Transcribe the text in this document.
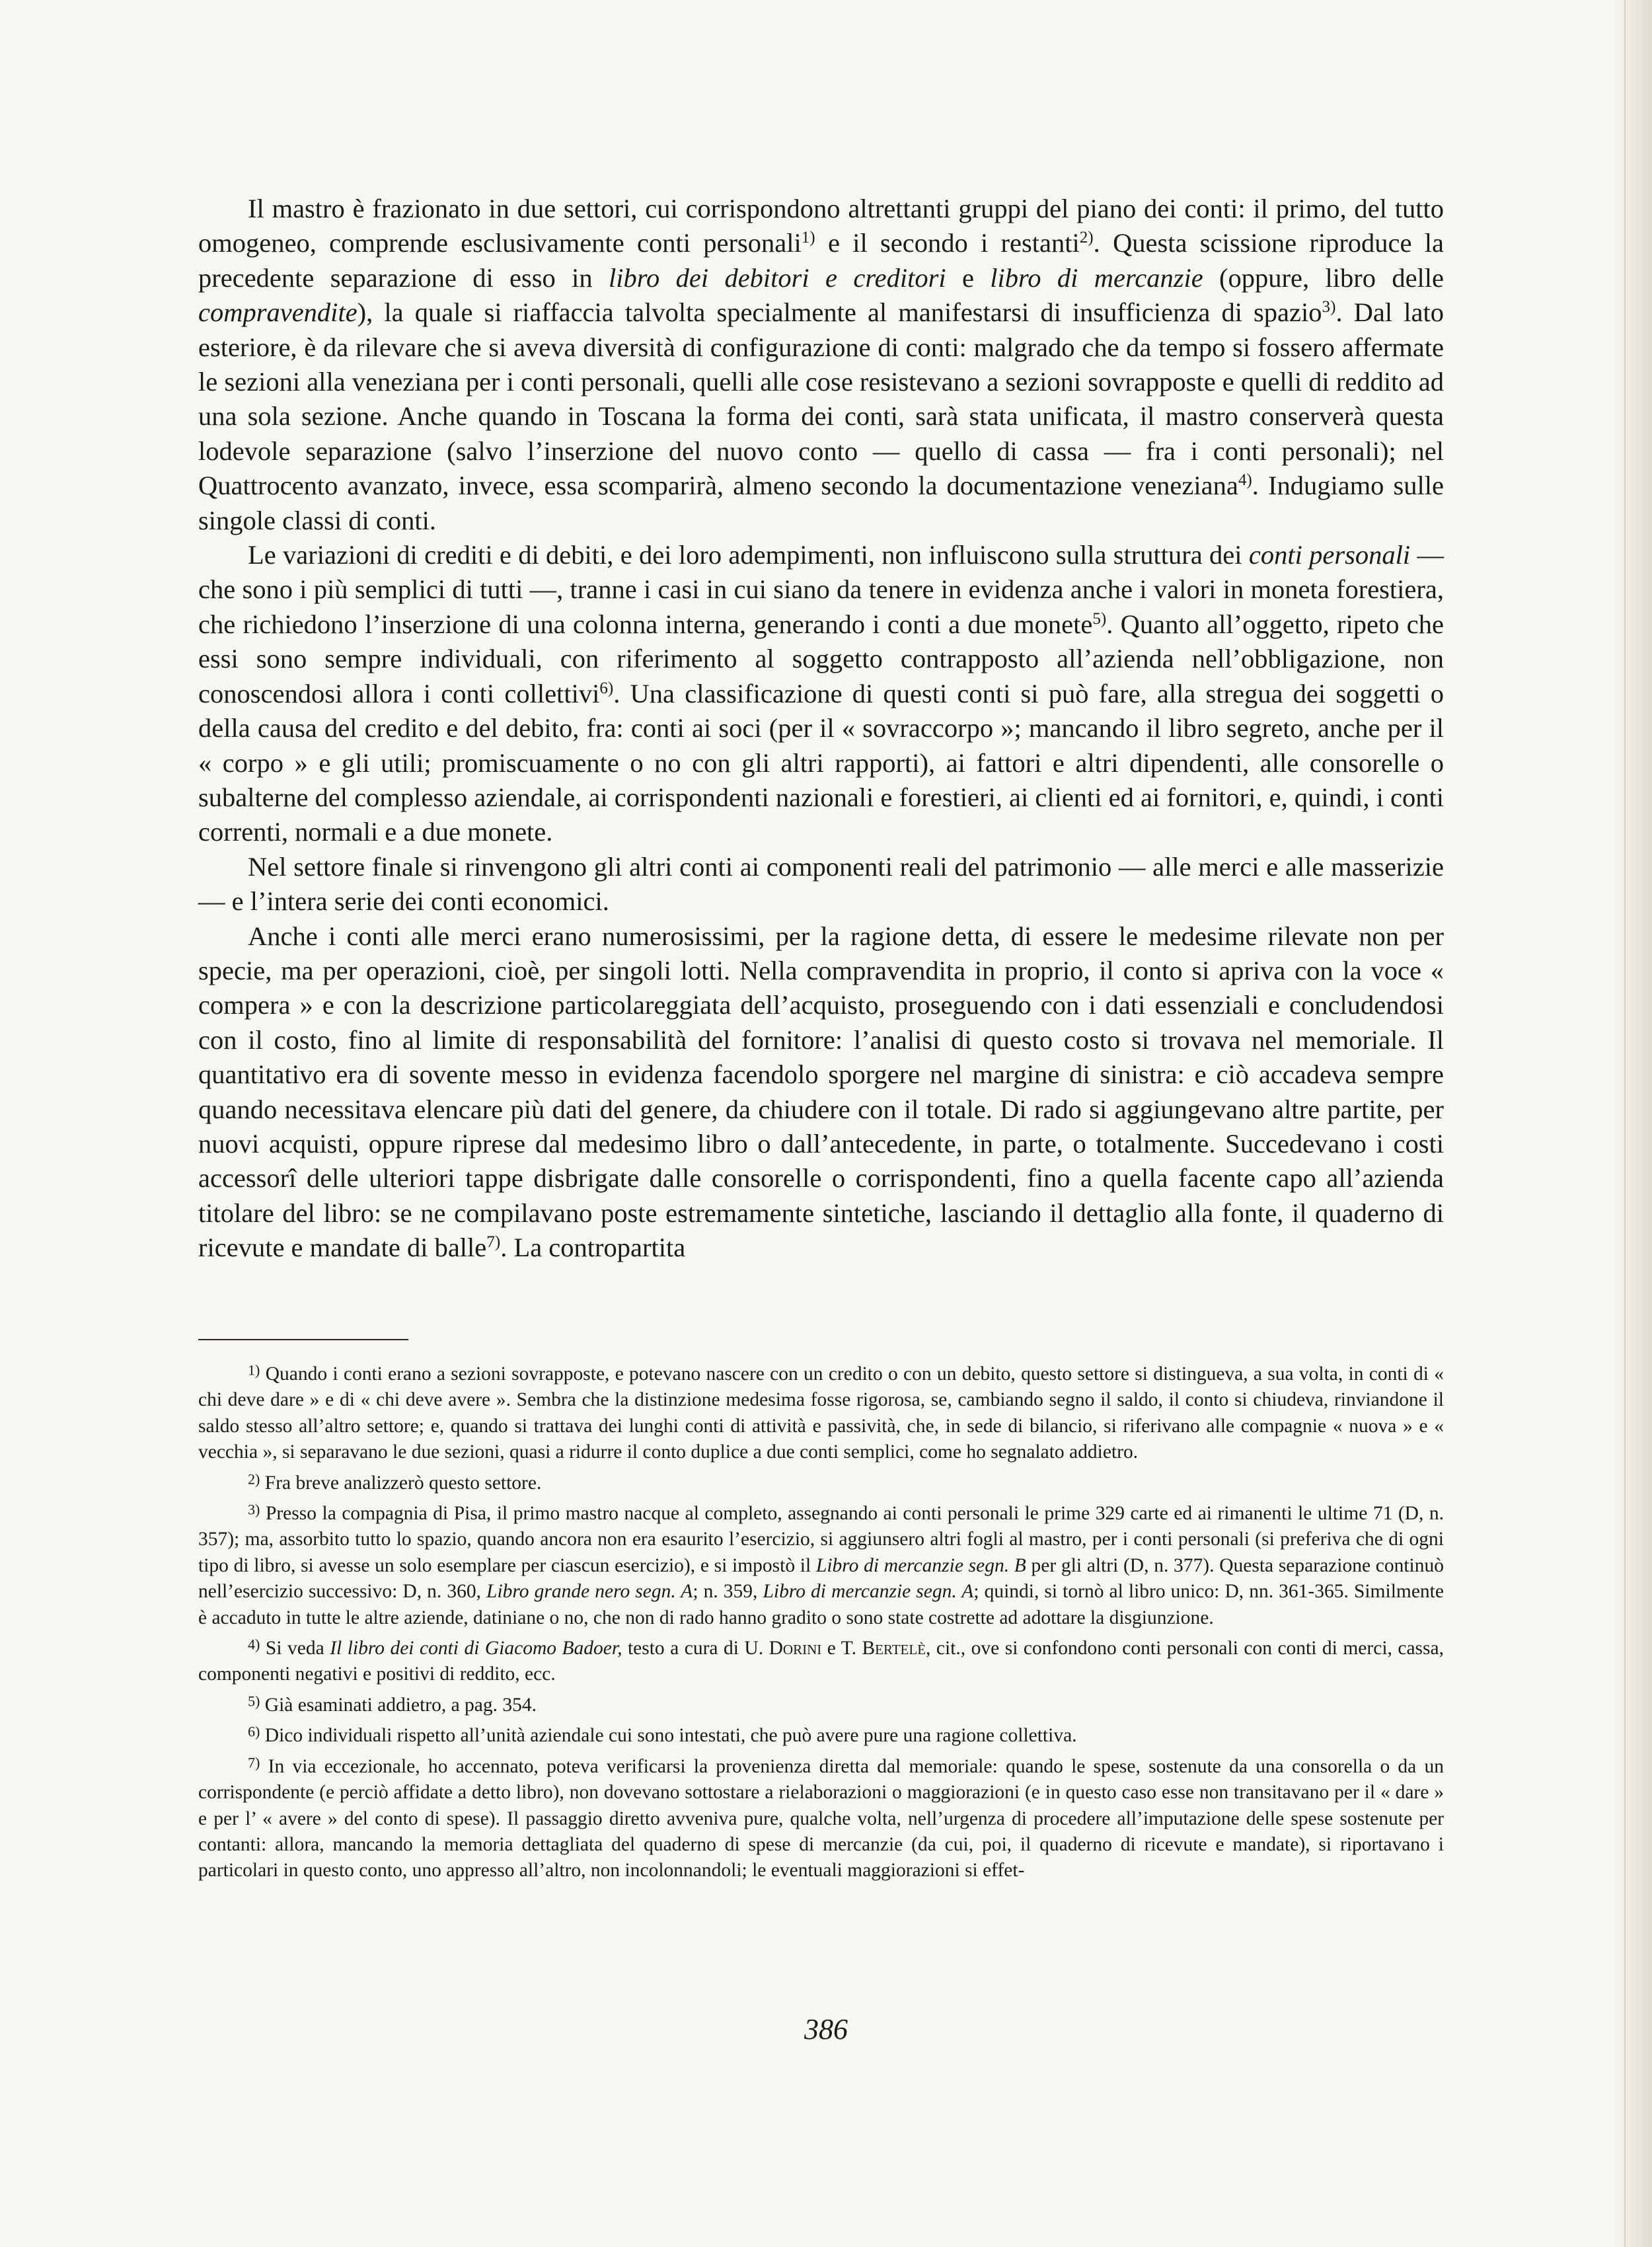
Il mastro è frazionato in due settori, cui corrispondono altrettanti gruppi del piano dei conti: il primo, del tutto omogeneo, comprende esclusivamente conti personali$^{1)}$ e il secondo i restanti$^{2)}$. Questa scissione riproduce la precedente separazione di esso in libro dei debitori e creditori e libro di mercanzie (oppure, libro delle compravendite), la quale si riaffaccia talvolta specialmente al manifestarsi di insufficienza di spazio$^{3)}$. Dal lato esteriore, è da rilevare che si aveva diversità di configurazione di conti: malgrado che da tempo si fossero affermate le sezioni alla veneziana per i conti personali, quelli alle cose resistevano a sezioni sovrapposte e quelli di reddito ad una sola sezione. Anche quando in Toscana la forma dei conti, sarà stata unificata, il mastro conserverà questa lodevole separazione (salvo l’inserzione del nuovo conto — quello di cassa — fra i conti personali); nel Quattrocento avanzato, invece, essa scomparirà, almeno secondo la documentazione veneziana$^{4)}$. Indugiamo sulle singole classi di conti.

Le variazioni di crediti e di debiti, e dei loro adempimenti, non influiscono sulla struttura dei conti personali — che sono i più semplici di tutti —, tranne i casi in cui siano da tenere in evidenza anche i valori in moneta forestiera, che richiedono l’inserzione di una colonna interna, generando i conti a due monete$^{5)}$. Quanto all’oggetto, ripeto che essi sono sempre individuali, con riferimento al soggetto contrapposto all’azienda nell’obbligazione, non conoscendosi allora i conti collettivi$^{6)}$. Una classificazione di questi conti si può fare, alla stregua dei soggetti o della causa del credito e del debito, fra: conti ai soci (per il « sovraccorpo »; mancando il libro segreto, anche per il « corpo » e gli utili; promiscuamente o no con gli altri rapporti), ai fattori e altri dipendenti, alle consorelle o subalterne del complesso aziendale, ai corrispondenti nazionali e forestieri, ai clienti ed ai fornitori, e, quindi, i conti correnti, normali e a due monete.

Nel settore finale si rinvengono gli altri conti ai componenti reali del patrimonio — alle merci e alle masserizie — e l’intera serie dei conti economici.

Anche i conti alle merci erano numerosissimi, per la ragione detta, di essere le medesime rilevate non per specie, ma per operazioni, cioè, per singoli lotti. Nella compravendita in proprio, il conto si apriva con la voce « compera » e con la descrizione particolareggiata dell’acquisto, proseguendo con i dati essenziali e concludendosi con il costo, fino al limite di responsabilità del fornitore: l’analisi di questo costo si trovava nel memoriale. Il quantitativo era di sovente messo in evidenza facendolo sporgere nel margine di sinistra: e ciò accadeva sempre quando necessitava elencare più dati del genere, da chiudere con il totale. Di rado si aggiungevano altre partite, per nuovi acquisti, oppure riprese dal medesimo libro o dall’antecedente, in parte, o totalmente. Succedevano i costi accessorî delle ulteriori tappe disbrigate dalle consorelle o corrispondenti, fino a quella facente capo all’azienda titolare del libro: se ne compilavano poste estremamente sintetiche, lasciando il dettaglio alla fonte, il quaderno di ricevute e mandate di balle$^{7)}$. La contropartita

$^{1)}$ Quando i conti erano a sezioni sovrapposte, e potevano nascere con un credito o con un debito, questo settore si distingueva, a sua volta, in conti di « chi deve dare » e di « chi deve avere ». Sembra che la distinzione medesima fosse rigorosa, se, cambiando segno il saldo, il conto si chiudeva, rinviandone il saldo stesso all’altro settore; e, quando si trattava dei lunghi conti di attività e passività, che, in sede di bilancio, si riferivano alle compagnie « nuova » e « vecchia », si separavano le due sezioni, quasi a ridurre il conto duplice a due conti semplici, come ho segnalato addietro.

$^{2)}$ Fra breve analizzerò questo settore.

$^{3)}$ Presso la compagnia di Pisa, il primo mastro nacque al completo, assegnando ai conti personali le prime 329 carte ed ai rimanenti le ultime 71 (D, n. 357); ma, assorbito tutto lo spazio, quando ancora non era esaurito l’esercizio, si aggiunsero altri fogli al mastro, per i conti personali (si preferiva che di ogni tipo di libro, si avesse un solo esemplare per ciascun esercizio), e si impostò il Libro di mercanzie segn. B per gli altri (D, n. 377). Questa separazione continuò nell’esercizio successivo: D, n. 360, Libro grande nero segn. A; n. 359, Libro di mercanzie segn. A; quindi, si tornò al libro unico: D, nn. 361-365. Similmente è accaduto in tutte le altre aziende, datiniane o no, che non di rado hanno gradito o sono state costrette ad adottare la disgiunzione.

$^{4)}$ Si veda Il libro dei conti di Giacomo Badoer, testo a cura di U. Dorini e T. Bertelè, cit., ove si confondono conti personali con conti di merci, cassa, componenti negativi e positivi di reddito, ecc.

$^{5)}$ Già esaminati addietro, a pag. 354.

$^{6)}$ Dico individuali rispetto all’unità aziendale cui sono intestati, che può avere pure una ragione collettiva.

$^{7)}$ In via eccezionale, ho accennato, poteva verificarsi la provenienza diretta dal memoriale: quando le spese, sostenute da una consorella o da un corrispondente (e perciò affidate a detto libro), non dovevano sottostare a rielaborazioni o maggiorazioni (e in questo caso esse non transitavano per il « dare » e per l’ « avere » del conto di spese). Il passaggio diretto avveniva pure, qualche volta, nell’urgenza di procedere all’imputazione delle spese sostenute per contanti: allora, mancando la memoria dettagliata del quaderno di spese di mercanzie (da cui, poi, il quaderno di ricevute e mandate), si riportavano i particolari in questo conto, uno appresso all’altro, non incolonnandoli; le eventuali maggiorazioni si effet-

386
